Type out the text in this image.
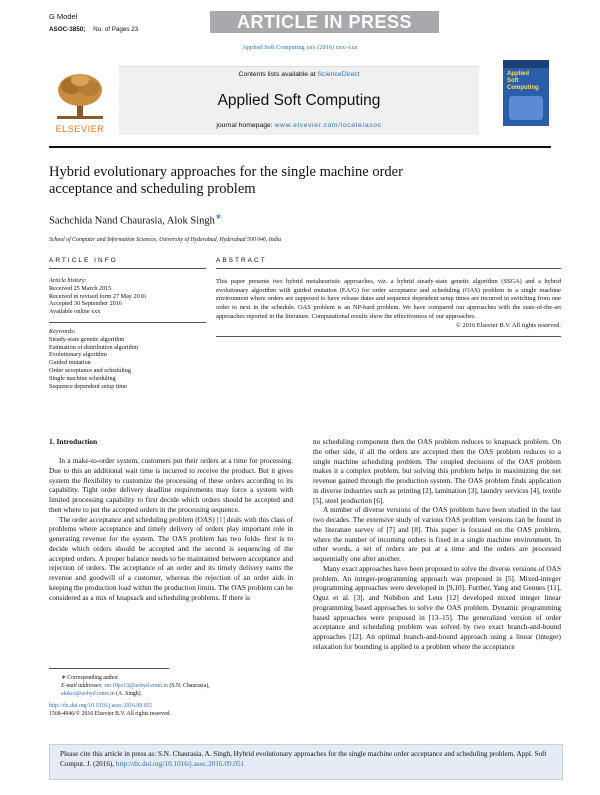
G Model
ASOC-3850; No. of Pages 23	ARTICLE IN PRESS
Applied Soft Computing xxx (2016) xxx–xxx
ELSEVIER
Contents lists available at ScienceDirect
Applied Soft Computing
journal homepage: www.elsevier.com/locate/asoc
Applied
Soft
Computing
Hybrid evolutionary approaches for the single machine order acceptance and scheduling problem
Sachchida Nand Chaurasia, Alok Singh∗
School of Computer and Information Sciences, University of Hyderabad, Hyderabad 500 046, India
ARTICLE INFO
Article history:
Received 25 March 2015
Received in revised form 27 May 2016
Accepted 30 September 2016
Available online xxx
Keywords:
Steady-state genetic algorithm
Estimation of distribution algorithm
Evolutionary algorithm
Guided mutation
Order acceptance and scheduling
Single machine scheduling
Sequence dependent setup time
ABSTRACT
This paper presents two hybrid metaheuristic approaches, viz. a hybrid steady-state genetic algorithm (SSGA) and a hybrid evolutionary algorithm with guided mutation (EA/G) for order acceptance and scheduling (OAS) problem in a single machine environment where orders are supposed to have release dates and sequence dependent setup times are incurred in switching from one order to next in the schedule. OAS problem is an NP-hard problem. We have compared our approaches with the state-of-the-art approaches reported in the literature. Computational results show the effectiveness of our approaches.
© 2016 Elsevier B.V. All rights reserved.
1. Introduction

In a make-to-order system, customers put their orders at a time for processing. Due to this an additional wait time is incurred to receive the product. But it gives system the flexibility to customize the processing of these orders according to its capability. Tight order delivery deadline requirements may force a system with limited processing capability to first decide which orders should be accepted and then where to put the accepted orders in the processing sequence.

The order acceptance and scheduling problem (OAS) [1] deals with this class of problems where acceptance and timely delivery of orders play important role in generating revenue for the system. The OAS problem has two folds- first is to decide which orders should be accepted and the second is sequencing of the accepted orders. A proper balance needs to be maintained between acceptance and rejection of orders. The acceptance of an order and its timely delivery earns the revenue and goodwill of a customer, whereas the rejection of an order aids in keeping the production load within the production limits. The OAS problem can be considered as a mix of knapsack and scheduling problems. If there is

no scheduling component then the OAS problem reduces to knapsack problem. On the other side, if all the orders are accepted then the OAS problem reduces to a single machine scheduling problem. The coupled decisions of the OAS problem makes it a complex problem, but solving this problem helps in maximizing the net revenue gained through the production system. The OAS problem finds application in diverse industries such as printing [2], lamination [3], laundry services [4], textile [5], steel production [6].

A number of diverse versions of the OAS problem have been studied in the last two decades. The extensive study of various OAS problem versions can be found in the literature survey of [7] and [8]. This paper is focused on the OAS problem, where the number of incoming orders is fixed in a single machine environment. In other words, a set of orders are put at a time and the orders are processed sequentially one after another.

Many exact approaches have been proposed to solve the diverse versions of OAS problem. An integer-programming approach was proposed in [5]. Mixed-integer programming approaches were developed in [9,10]. Further, Yang and Geunes [11], Oguz et al. [3], and Nobibon and Leus [12] developed mixed integer linear programming based approaches to solve the OAS problem. Dynamic programming based approaches were proposed in [13–15]. The generalized version of order acceptance and scheduling problem was solved by two exact branch-and-bound approaches [12]. An optimal branch-and-bound approach using a linear (integer) relaxation for bounding is applied to a problem where the acceptance

∗ Corresponding author.
E-mail addresses: snc10pc13@uohyd.ernet.in (S.N. Chaurasia),
alokcs@uohyd.ernet.in (A. Singh).
http://dx.doi.org/10.1016/j.asoc.2016.09.051
1568-4946/© 2016 Elsevier B.V. All rights reserved.
Please cite this article in press as: S.N. Chaurasia, A. Singh, Hybrid evolutionary approaches for the single machine order acceptance and scheduling problem, Appl. Soft Comput. J. (2016), http://dx.doi.org/10.1016/j.asoc.2016.09.051
